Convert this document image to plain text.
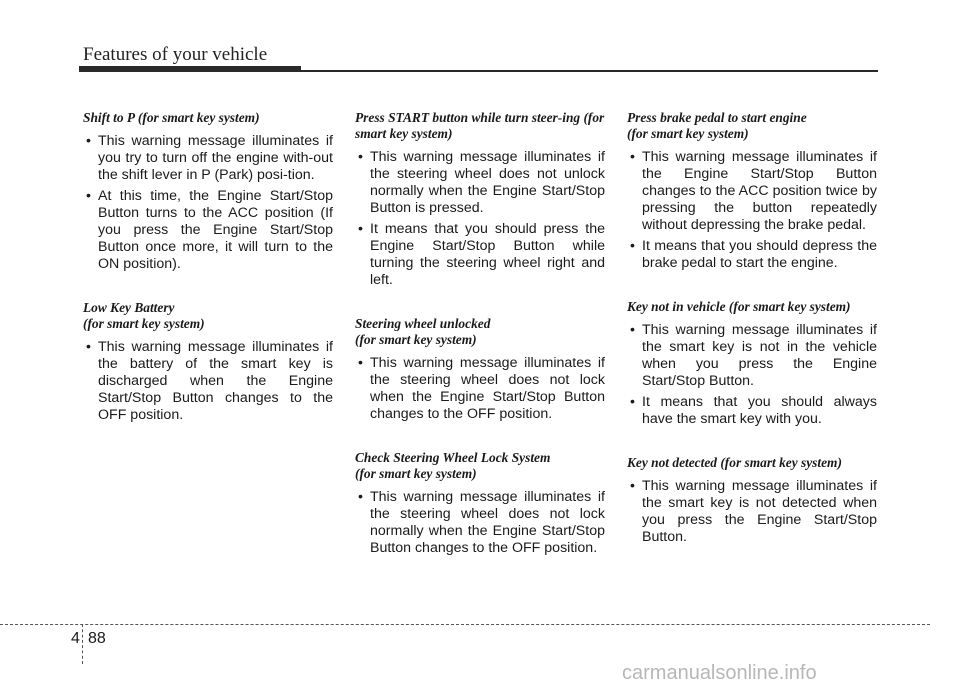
Features of your vehicle
Shift to P (for smart key system)
• This warning message illuminates if you try to turn off the engine with-out the shift lever in P (Park) posi-tion.
• At this time, the Engine Start/Stop Button turns to the ACC position (If you press the Engine Start/Stop Button once more, it will turn to the ON position).
Low Key Battery
(for smart key system)
• This warning message illuminates if the battery of the smart key is discharged when the Engine Start/Stop Button changes to the OFF position.
Press START button while turn steer-ing (for smart key system)
• This warning message illuminates if the steering wheel does not unlock normally when the Engine Start/Stop Button is pressed.
• It means that you should press the Engine Start/Stop Button while turning the steering wheel right and left.
Steering wheel unlocked
(for smart key system)
• This warning message illuminates if the steering wheel does not lock when the Engine Start/Stop Button changes to the OFF position.
Check Steering Wheel Lock System
(for smart key system)
• This warning message illuminates if the steering wheel does not lock normally when the Engine Start/Stop Button changes to the OFF position.
Press brake pedal to start engine
(for smart key system)
• This warning message illuminates if the Engine Start/Stop Button changes to the ACC position twice by pressing the button repeatedly without depressing the brake pedal.
• It means that you should depress the brake pedal to start the engine.
Key not in vehicle (for smart key system)
• This warning message illuminates if the smart key is not in the vehicle when you press the Engine Start/Stop Button.
• It means that you should always have the smart key with you.
Key not detected (for smart key system)
• This warning message illuminates if the smart key is not detected when you press the Engine Start/Stop Button.
4 88
carmanualsonline.info
